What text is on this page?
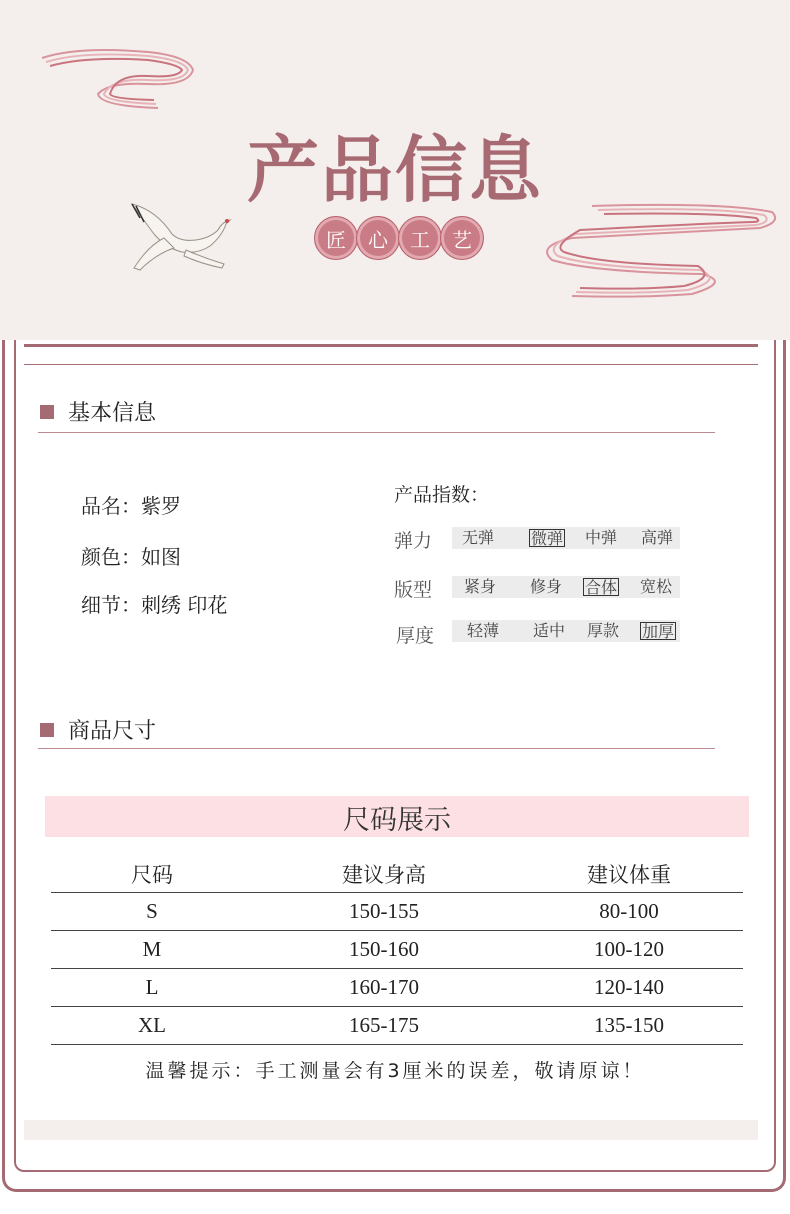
产品信息
匠	心	工	艺
基本信息
品名：紫罗
颜色：如图
细节：刺绣 印花
产品指数：
弹力 无弹 微弹 中弹 高弹
版型 紧身 修身 合体 宽松
厚度 轻薄 适中 厚款 加厚
商品尺寸
尺码展示
尺码	建议身高	建议体重
S	150-155	80-100
M	150-160	100-120
L	160-170	120-140
XL	165-175	135-150
温馨提示：手工测量会有3厘米的误差，敬请原谅！
